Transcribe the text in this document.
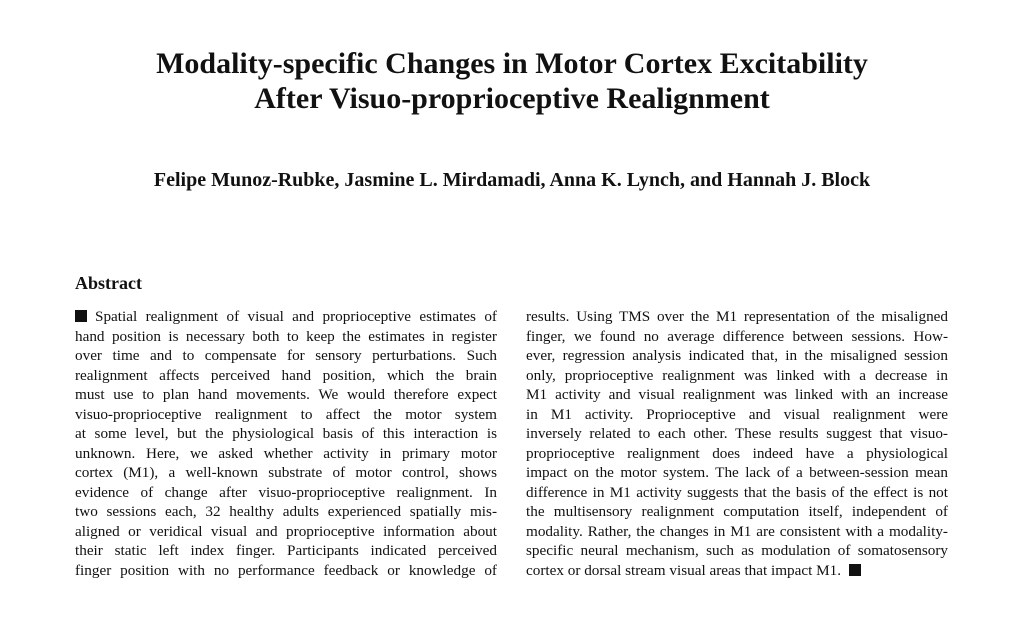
Modality-specific Changes in Motor Cortex Excitability
After Visuo-proprioceptive Realignment

Felipe Munoz-Rubke, Jasmine L. Mirdamadi, Anna K. Lynch, and Hannah J. Block

Abstract
Spatial realignment of visual and proprioceptive estimates of
hand position is necessary both to keep the estimates in register
over time and to compensate for sensory perturbations. Such
realignment affects perceived hand position, which the brain
must use to plan hand movements. We would therefore expect
visuo-proprioceptive realignment to affect the motor system
at some level, but the physiological basis of this interaction is
unknown. Here, we asked whether activity in primary motor
cortex (M1), a well-known substrate of motor control, shows
evidence of change after visuo-proprioceptive realignment. In
two sessions each, 32 healthy adults experienced spatially mis-
aligned or veridical visual and proprioceptive information about
their static left index finger. Participants indicated perceived
finger position with no performance feedback or knowledge of
results. Using TMS over the M1 representation of the misaligned
finger, we found no average difference between sessions. How-
ever, regression analysis indicated that, in the misaligned session
only, proprioceptive realignment was linked with a decrease in
M1 activity and visual realignment was linked with an increase
in M1 activity. Proprioceptive and visual realignment were
inversely related to each other. These results suggest that visuo-
proprioceptive realignment does indeed have a physiological
impact on the motor system. The lack of a between-session mean
difference in M1 activity suggests that the basis of the effect is not
the multisensory realignment computation itself, independent of
modality. Rather, the changes in M1 are consistent with a modality-
specific neural mechanism, such as modulation of somatosensory
cortex or dorsal stream visual areas that impact M1.
